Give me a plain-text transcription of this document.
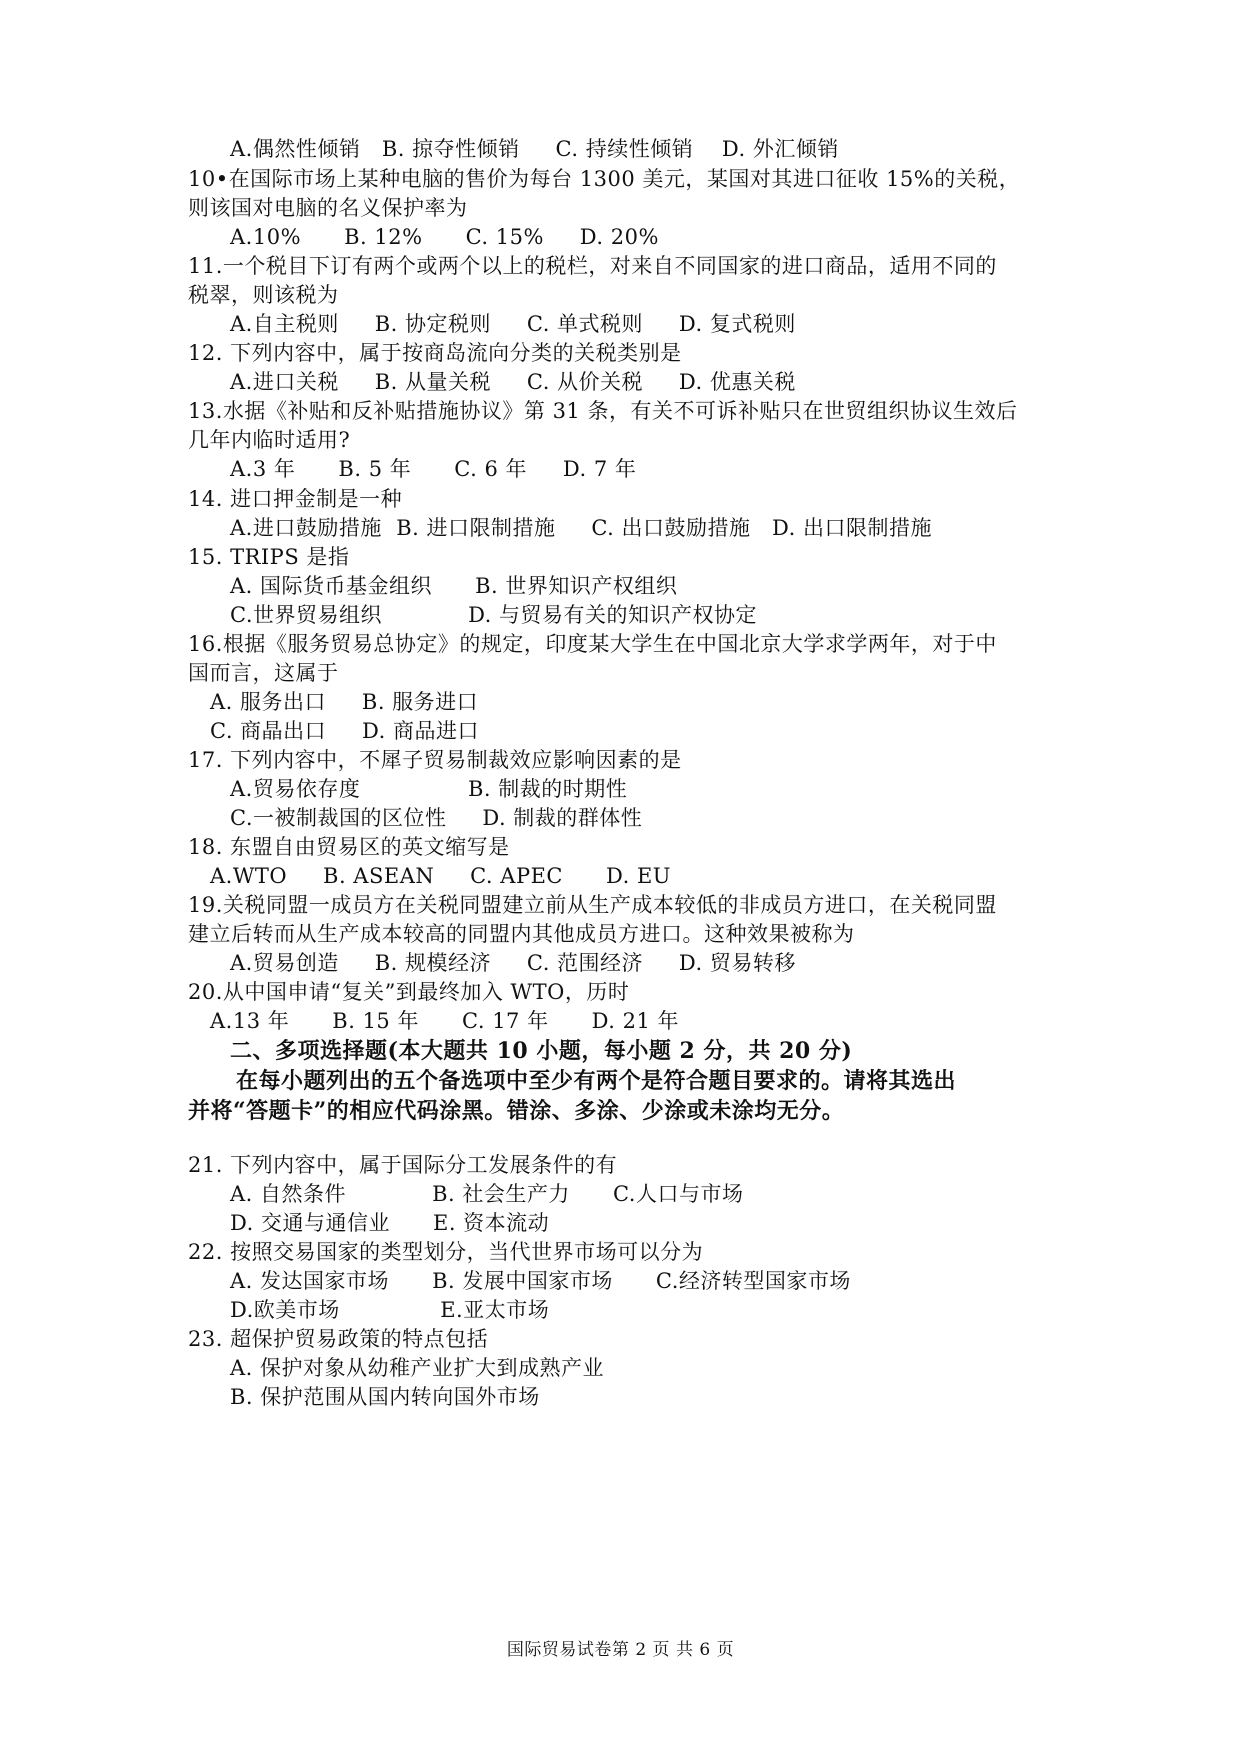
A.偶然性倾销   B. 掠夺性倾销     C. 持续性倾销    D. 外汇倾销
10•在国际市场上某种电脑的售价为每台 1300 美元，某国对其进口征收 15%的关税，
则该国对电脑的名义保护率为
A.10%      B. 12%      C. 15%     D. 20%
11.一个税目下订有两个或两个以上的税栏，对来自不同国家的进口商品，适用不同的
税翠，则该税为
A.自主税则     B. 协定税则     C. 单式税则     D. 复式税则
12. 下列内容中，属于按商岛流向分类的关税类别是
A.进口关税     B. 从量关税     C. 从价关税     D. 优惠关税
13.水据《补贴和反补贴措施协议》第 31 条，有关不可诉补贴只在世贸组织协议生效后
几年内临时适用?
A.3 年      B. 5 年      C. 6 年     D. 7 年
14. 进口押金制是一种
A.进口鼓励措施  B. 进口限制措施     C. 出口鼓励措施   D. 出口限制措施
15. TRIPS 是指
A. 国际货币基金组织      B. 世界知识产权组织
C.世界贸易组织            D. 与贸易有关的知识产权协定
16.根据《服务贸易总协定》的规定，印度某大学生在中国北京大学求学两年，对于中
国而言，这属于
A. 服务出口     B. 服务进口
C. 商晶出口     D. 商品进口
17. 下列内容中，不犀子贸易制裁效应影响因素的是
A.贸易依存度               B. 制裁的时期性
C.一被制裁国的区位性     D. 制裁的群体性
18. 东盟自由贸易区的英文缩写是
A.WTO     B. ASEAN     C. APEC      D. EU
19.关税同盟一成员方在关税同盟建立前从生产成本较低的非成员方进口，在关税同盟
建立后转而从生产成本较高的同盟内其他成员方进口。这种效果被称为
A.贸易创造     B. 规模经济     C. 范围经济     D. 贸易转移
20.从中国申请“复关”到最终加入 WTO，历时
A.13 年      B. 15 年      C. 17 年      D. 21 年
二、多项选择题(本大题共 10 小题，每小题 2 分，共 20 分)
在每小题列出的五个备选项中至少有两个是符合题目要求的。请将其选出
并将“答题卡”的相应代码涂黑。错涂、多涂、少涂或未涂均无分。
21. 下列内容中，属于国际分工发展条件的有
A. 自然条件            B. 社会生产力      C.人口与市场
D. 交通与通信业      E. 资本流动
22. 按照交易国家的类型划分，当代世界市场可以分为
A. 发达国家市场      B. 发展中国家市场      C.经济转型国家市场
D.欧美市场              E.亚太市场
23. 超保护贸易政策的特点包括
A. 保护对象从幼稚产业扩大到成熟产业
B. 保护范围从国内转向国外市场
国际贸易试卷第 2 页 共 6 页
